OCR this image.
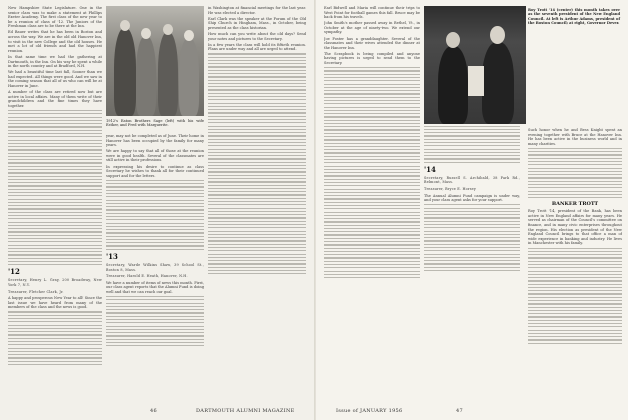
New Hampshire State Legislature. One in the senior class was to make a statement at Phillips Exeter Academy. The first class of the new year to be a reunion of class of '12. The Juniors of the Freshman class are to be there at the Inn.

Ed Bauer writes that he has been in Boston and across the way. We are in the old old Hanover Inn, to visit in the new College and the old houses. He met a lot of old friends and had the happiest reunion.

In that same time we had the gathering at Dartmouth, in the Inn. On his way he spent a while in the north country and at Bradford, N.H.

We had a beautiful time last fall, Sooner than we had expected. All things were good. And we saw in the coming season that all of us who can will be at Hanover in June.

A number of the class are retired now but are active in local affairs. Many of them write of their grandchildren and the fine times they have together.

'12

Secretary, Henry L. Gray, 200 Broadway, New York 7, N.Y.

Treasurer, Fletcher Clark, Jr.

A happy and prosperous New Year to all! Since the last issue we have heard from many of the members of the class and the news is good.

1912's Eaton Brothers Sage (left) with his wife Esther, and Fred with Marguerite.

year, may not be completed as of June. Their home in Hanover has been occupied by the family for many years.

We are happy to say that all of those at the reunion were in good health. Several of the classmates are still active in their professions.

In expressing his desire to continue as class Secretary he wishes to thank all for their continued support and for the letters.

'13

Secretary, Warde Wilkins Shaw, 39 School St., Boston 8, Mass.

Treasurer, Harold E. Heath, Hanover, N.H.

We have a number of items of news this month. First, our class agent reports that the Alumni Fund is doing well and that we can reach our goal.

in Washington at financial meetings for the last year. He was elected a director.

Earl Clark was the speaker at the Forum of the Old Ship Church in Hingham, Mass., in October, being presented as the class historian.

How much can you write about the old days? Send your notes and pictures to the Secretary.

In a few years the class will hold its fiftieth reunion. Plans are under way and all are urged to attend.

46	DARTMOUTH ALUMNI MAGAZINE

Earl Bidwell and Maria will continue their trips to West Point for football games this fall. Bruce may be back from his travels.

John Smith's mother passed away in Bethel, Vt., in October at the age of ninety-two. We extend our sympathy.

Joe Foster has a granddaughter. Several of the classmates and their wives attended the dinner at the Hanover Inn.

The Scrapbook is being compiled and anyone having pictures is urged to send them to the Secretary.

'14

Secretary, Russell S. Archibald, 38 Park Rd., Belmont, Mass.

Treasurer, Bryce E. Horsey

The Annual Alumni Fund campaign is under way, and your class agent asks for your support.

Such honor when he and Bess Knight spent an evening together with Bruce at the Hanover Inn. He has been active in the business world and in many charities.

BANKER TROTT

Roy Trott '14, president of the Bank, has been active in New England affairs for many years. He served as chairman of the Council's committee on finance, and in many civic enterprises throughout the region. His election as president of the New England Council brings to that office a man of wide experience in banking and industry. He lives in Manchester with his family.

Issue of JANUARY 1956	47
Roy Trott '14 (center) this month takes over as the seventh president of the New England Council. At left is Arthur Adams, president of the Boston Council; at right, Governor Dever.
